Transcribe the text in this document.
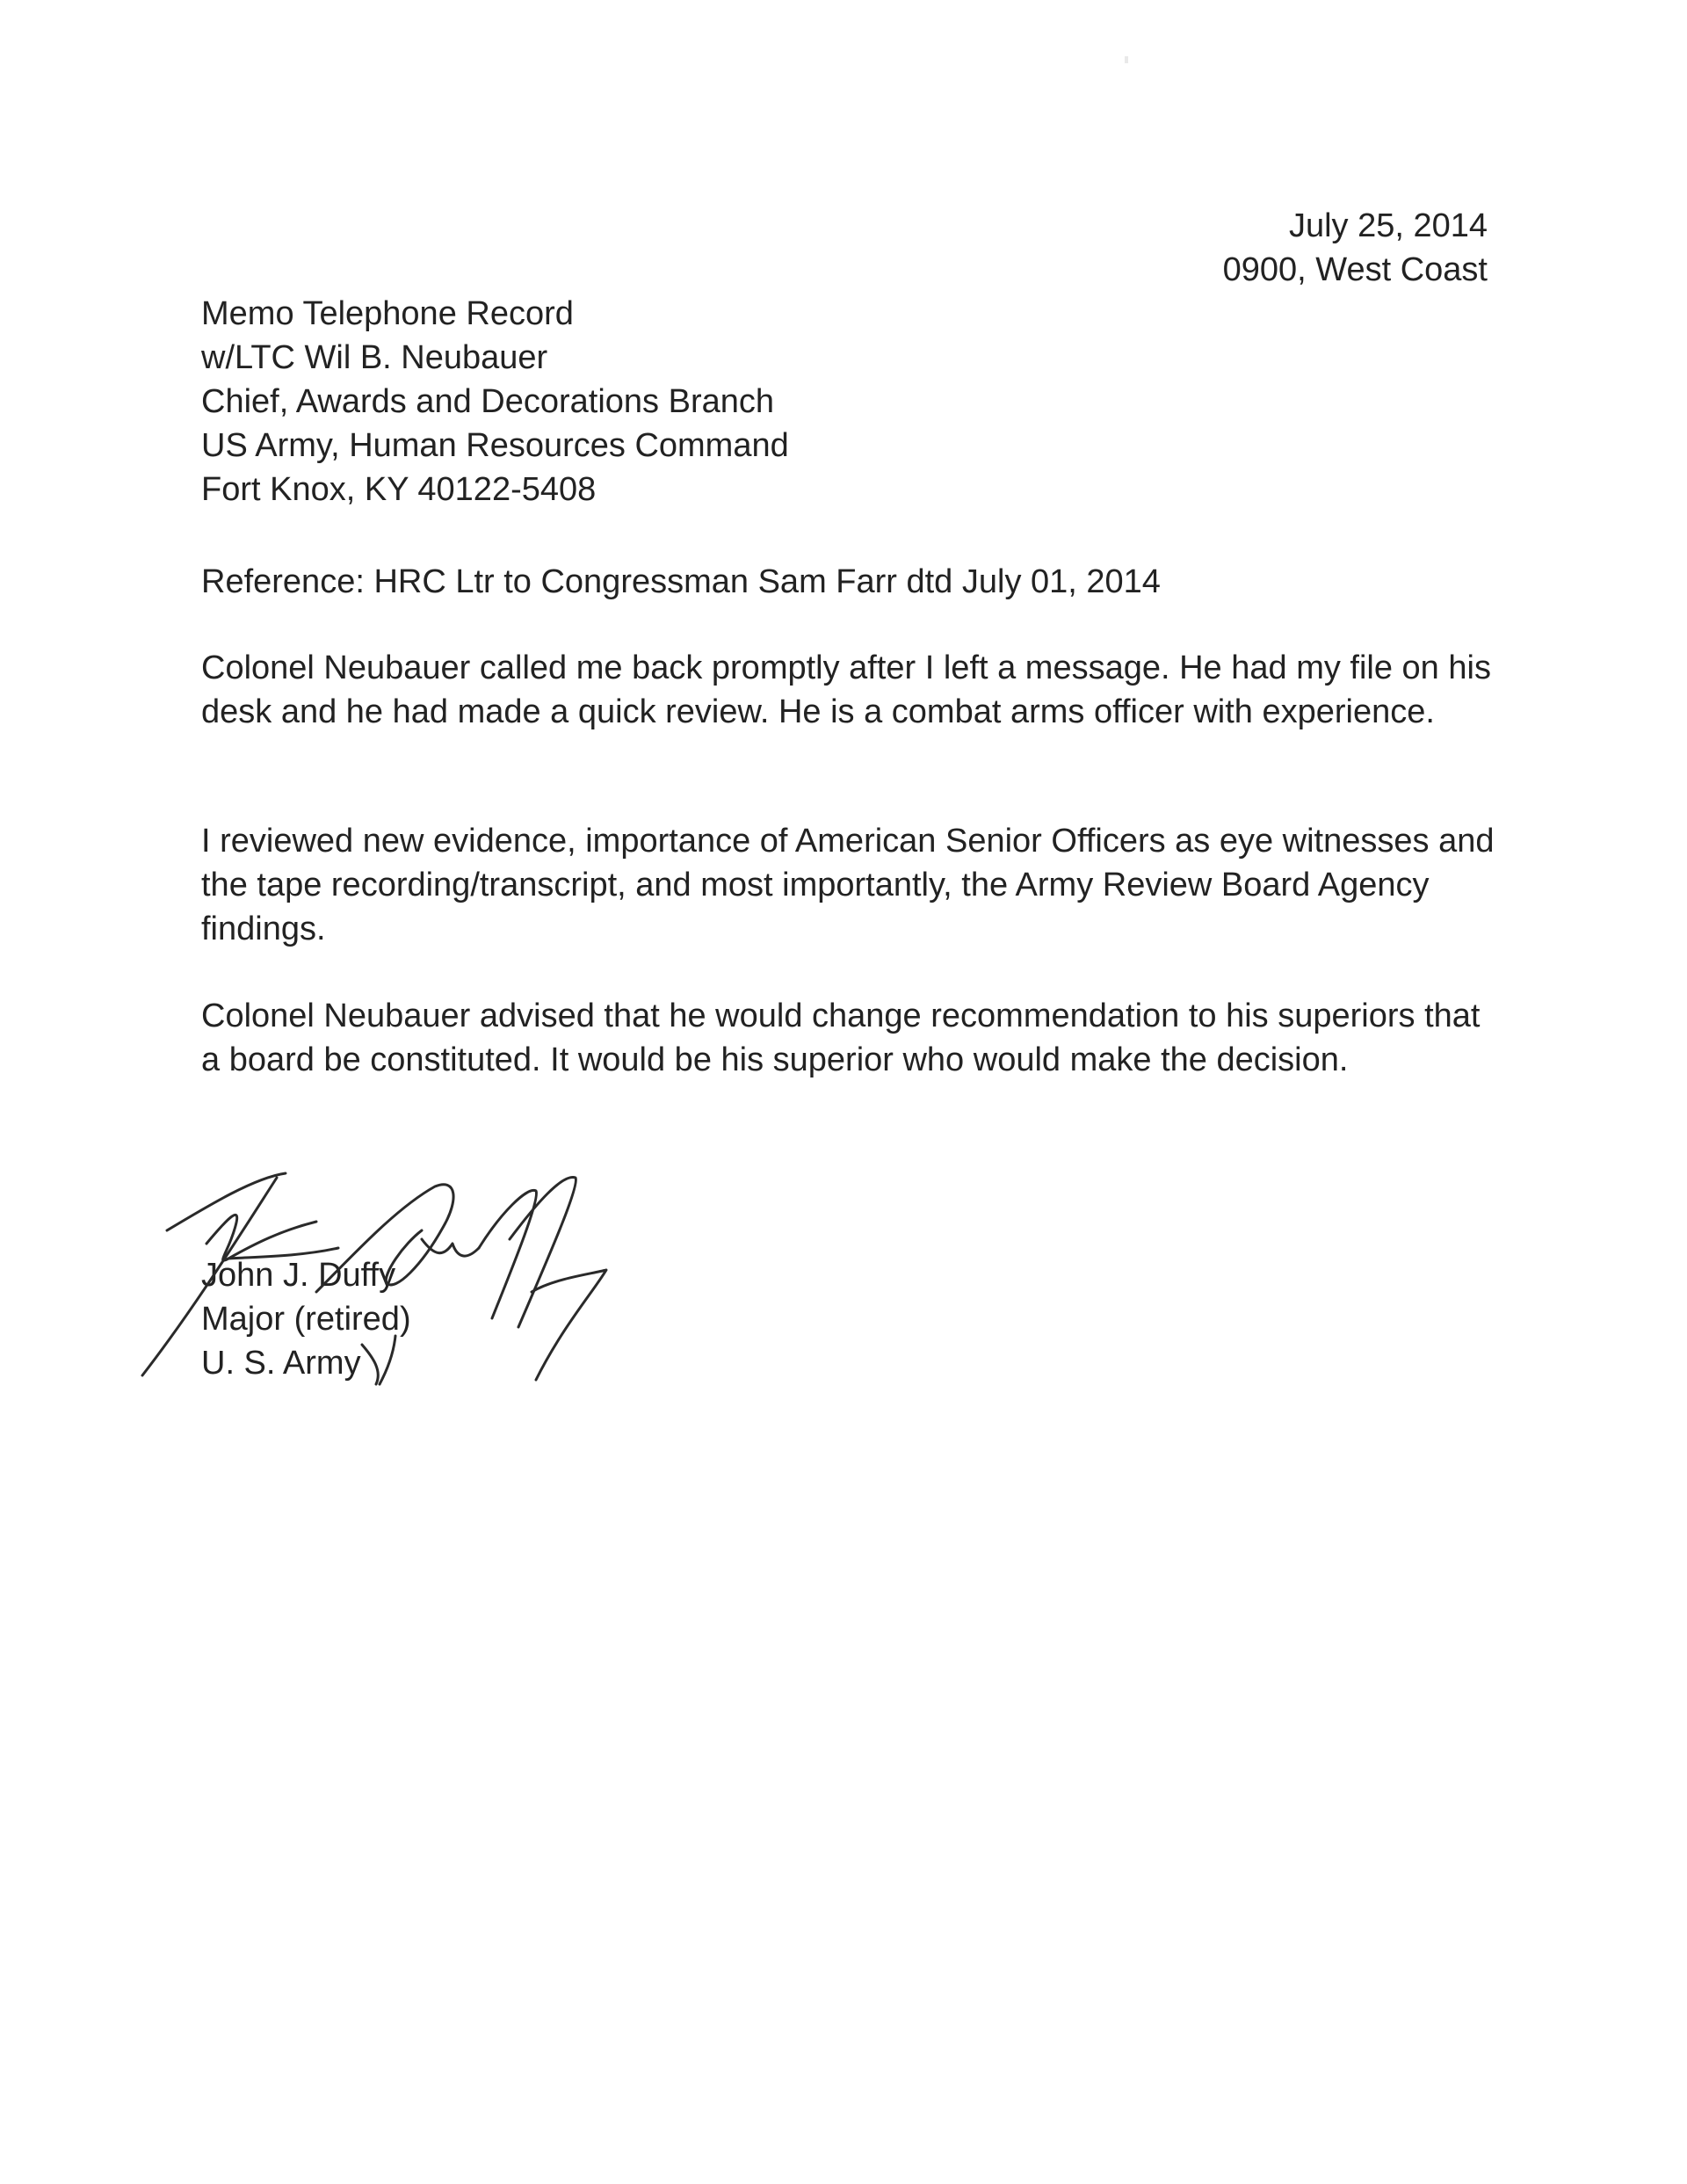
July 25, 2014
0900, West Coast
Memo Telephone Record
w/LTC Wil B. Neubauer
Chief, Awards and Decorations Branch
US Army, Human Resources Command
Fort Knox, KY 40122-5408
Reference: HRC Ltr to Congressman Sam Farr dtd July 01, 2014

Colonel Neubauer called me back promptly after I left a message. He had my file on his desk and he had made a quick review. He is a combat arms officer with experience.

I reviewed new evidence, importance of American Senior Officers as eye witnesses and the tape recording/transcript, and most importantly, the Army Review Board Agency findings.

Colonel Neubauer advised that he would change recommendation to his superiors that a board be constituted. It would be his superior who would make the decision.

John J. Duffy
Major (retired)
U. S. Army
